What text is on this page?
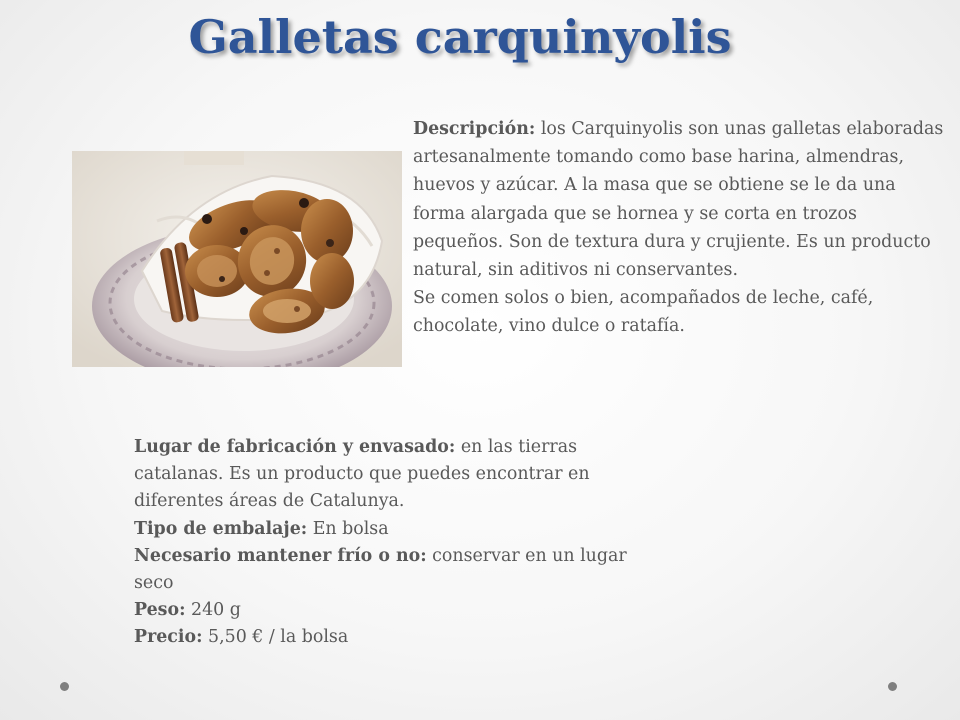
Galletas carquinyolis

Descripción: los Carquinyolis son unas galletas elaboradas artesanalmente tomando como base harina, almendras, huevos y azúcar. A la masa que se obtiene se le da una forma alargada que se hornea y se corta en trozos pequeños. Son de textura dura y crujiente. Es un producto natural, sin aditivos ni conservantes.
Se comen solos o bien, acompañados de leche, café, chocolate, vino dulce o ratafía.

Lugar de fabricación y envasado: en las tierras catalanas. Es un producto que puedes encontrar en diferentes áreas de Catalunya.

Tipo de embalaje: En bolsa

Necesario mantener frío o no: conservar en un lugar seco

Peso: 240 g

Precio: 5,50 € / la bolsa
